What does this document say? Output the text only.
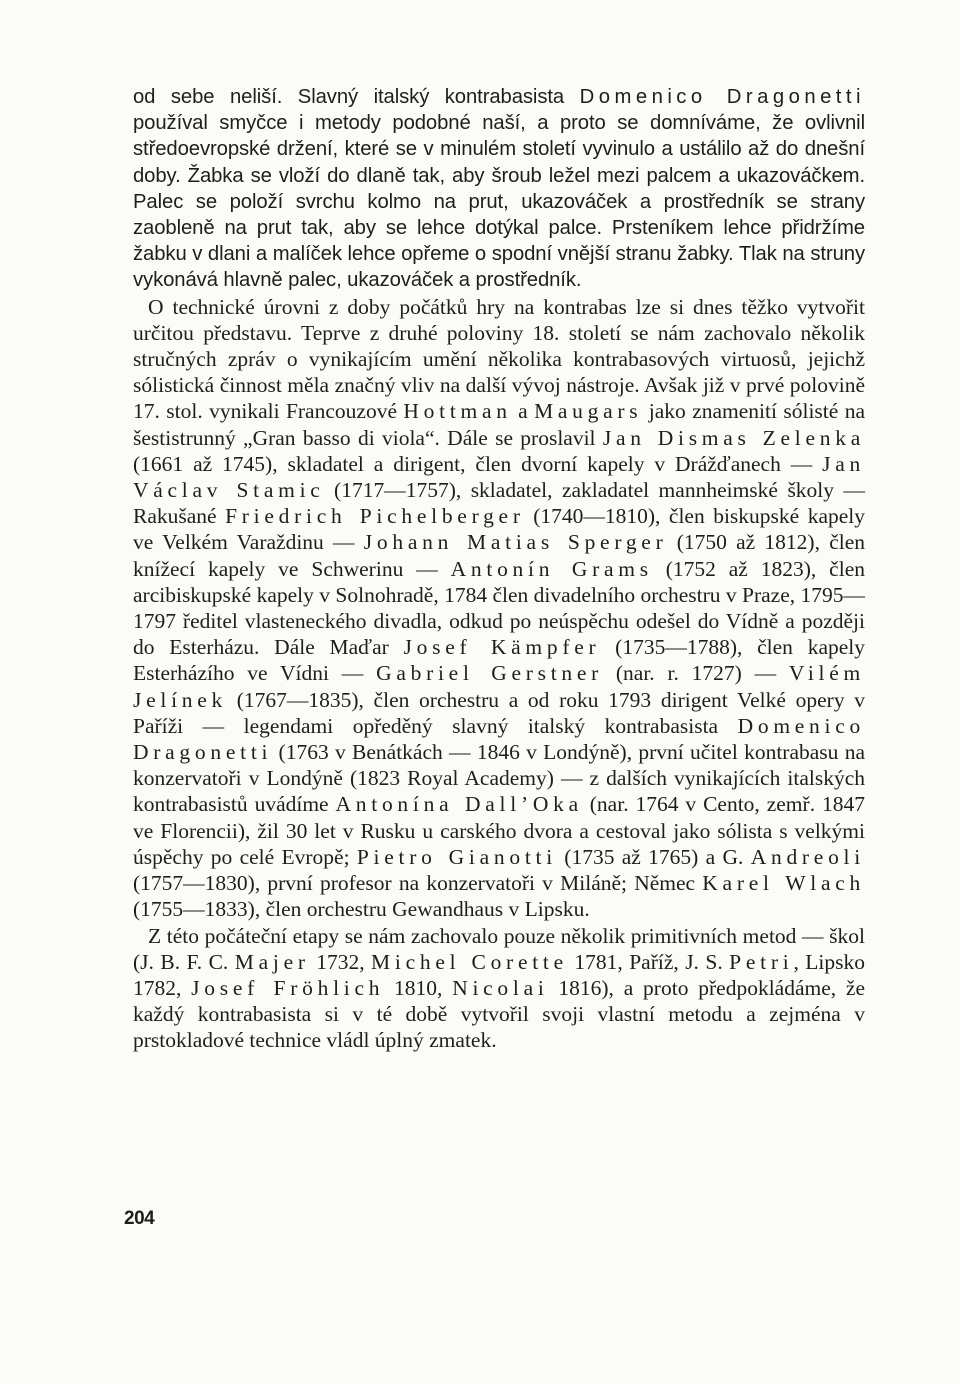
od sebe neliší. Slavný italský kontrabasista Domenico Dragonetti používal smyčce i metody podobné naší, a proto se domníváme, že ovlivnil středoevropské držení, které se v minulém století vyvinulo a ustálilo až do dnešní doby. Žabka se vloží do dlaně tak, aby šroub ležel mezi palcem a ukazováčkem. Palec se položí svrchu kolmo na prut, ukazováček a prostředník se strany zaobleně na prut tak, aby se lehce dotýkal palce. Prsteníkem lehce přidržíme žabku v dlani a malíček lehce opřeme o spodní vnější stranu žabky. Tlak na struny vykonává hlavně palec, ukazováček a prostředník.

O technické úrovni z doby počátků hry na kontrabas lze si dnes těžko vytvořit určitou představu. Teprve z druhé poloviny 18. století se nám zachovalo několik stručných zpráv o vynikajícím umění několika kontrabasových virtuosů, jejichž sólistická činnost měla značný vliv na další vývoj nástroje. Avšak již v prvé polovině 17. stol. vynikali Francouzové Hottman a Maugars jako znamenití sólisté na šestistrunný „Gran basso di viola“. Dále se proslavil Jan Dismas Zelenka (1661 až 1745), skladatel a dirigent, člen dvorní kapely v Drážďanech — Jan Václav Stamic (1717—1757), skladatel, zakladatel mannheimské školy — Rakušané Friedrich Pichelberger (1740—1810), člen biskupské kapely ve Velkém Varaždinu — Johann Matias Sperger (1750 až 1812), člen knížecí kapely ve Schwerinu — Antonín Grams (1752 až 1823), člen arcibiskupské kapely v Solnohradě, 1784 člen divadelního orchestru v Praze, 1795—1797 ředitel vlasteneckého divadla, odkud po neúspěchu odešel do Vídně a později do Esterházu. Dále Maďar Josef Kämpfer (1735—1788), člen kapely Esterházího ve Vídni — Gabriel Gerstner (nar. r. 1727) — Vilém Jelínek (1767—1835), člen orchestru a od roku 1793 dirigent Velké opery v Paříži — legendami opředěný slavný italský kontrabasista Domenico Dragonetti (1763 v Benátkách — 1846 v Londýně), první učitel kontrabasu na konzervatoři v Londýně (1823 Royal Academy) — z dalších vynikajících italských kontrabasistů uvádíme Antonína Dall’Oka (nar. 1764 v Cento, zemř. 1847 ve Florencii), žil 30 let v Rusku u carského dvora a cestoval jako sólista s velkými úspěchy po celé Evropě; Pietro Gianotti (1735 až 1765) a G. Andreoli (1757—1830), první profesor na konzervatoři v Miláně; Němec Karel Wlach (1755—1833), člen orchestru Gewandhaus v Lipsku.

Z této počáteční etapy se nám zachovalo pouze několik primitivních metod — škol (J. B. F. C. Majer 1732, Michel Corette 1781, Paříž, J. S. Petri, Lipsko 1782, Josef Fröhlich 1810, Nicolai 1816), a proto předpokládáme, že každý kontrabasista si v té době vytvořil svoji vlastní metodu a zejména v prstokladové technice vládl úplný zmatek.

204
